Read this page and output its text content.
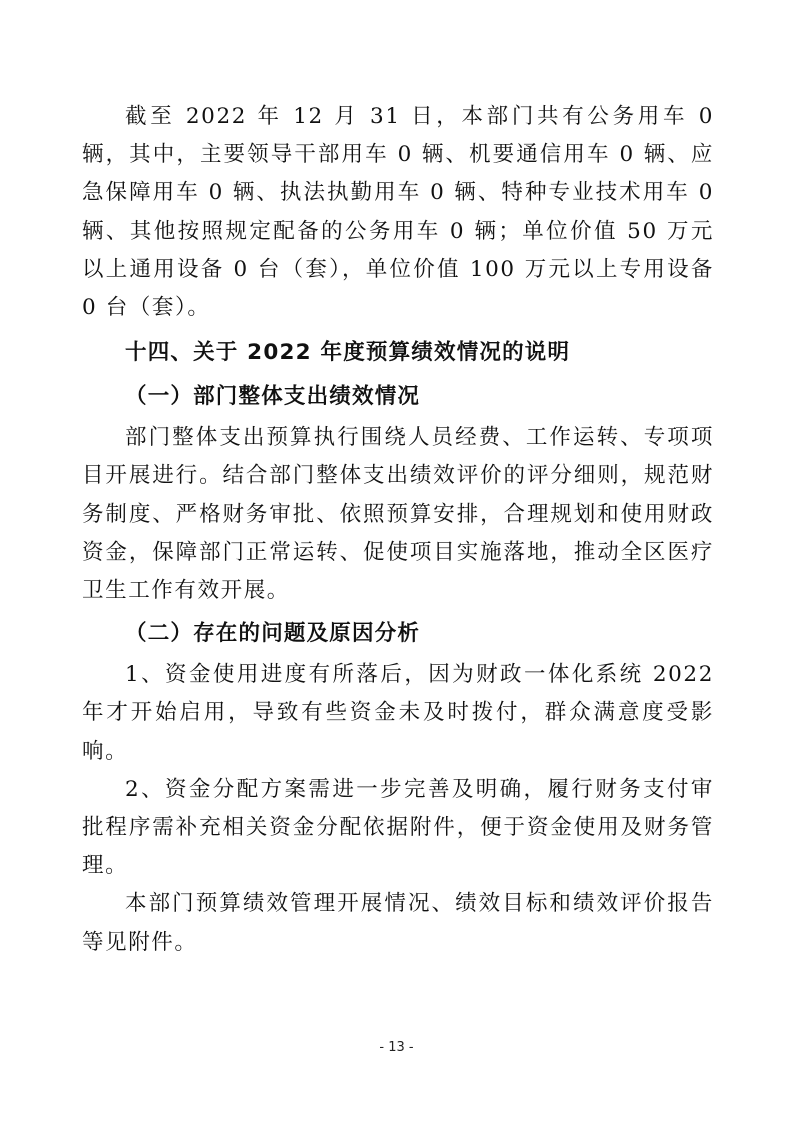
截至 2022 年 12 月 31 日，本部门共有公务用车 0 辆，其中，主要领导干部用车 0 辆、机要通信用车 0 辆、应急保障用车 0 辆、执法执勤用车 0 辆、特种专业技术用车 0 辆、其他按照规定配备的公务用车 0 辆；单位价值 50 万元以上通用设备 0 台（套），单位价值 100 万元以上专用设备 0 台（套）。

十四、关于 2022 年度预算绩效情况的说明

（一）部门整体支出绩效情况

部门整体支出预算执行围绕人员经费、工作运转、专项项目开展进行。结合部门整体支出绩效评价的评分细则，规范财务制度、严格财务审批、依照预算安排，合理规划和使用财政资金，保障部门正常运转、促使项目实施落地，推动全区医疗卫生工作有效开展。

（二）存在的问题及原因分析

1、资金使用进度有所落后，因为财政一体化系统 2022 年才开始启用，导致有些资金未及时拨付，群众满意度受影响。

2、资金分配方案需进一步完善及明确，履行财务支付审批程序需补充相关资金分配依据附件，便于资金使用及财务管理。

本部门预算绩效管理开展情况、绩效目标和绩效评价报告等见附件。

- 13 -
